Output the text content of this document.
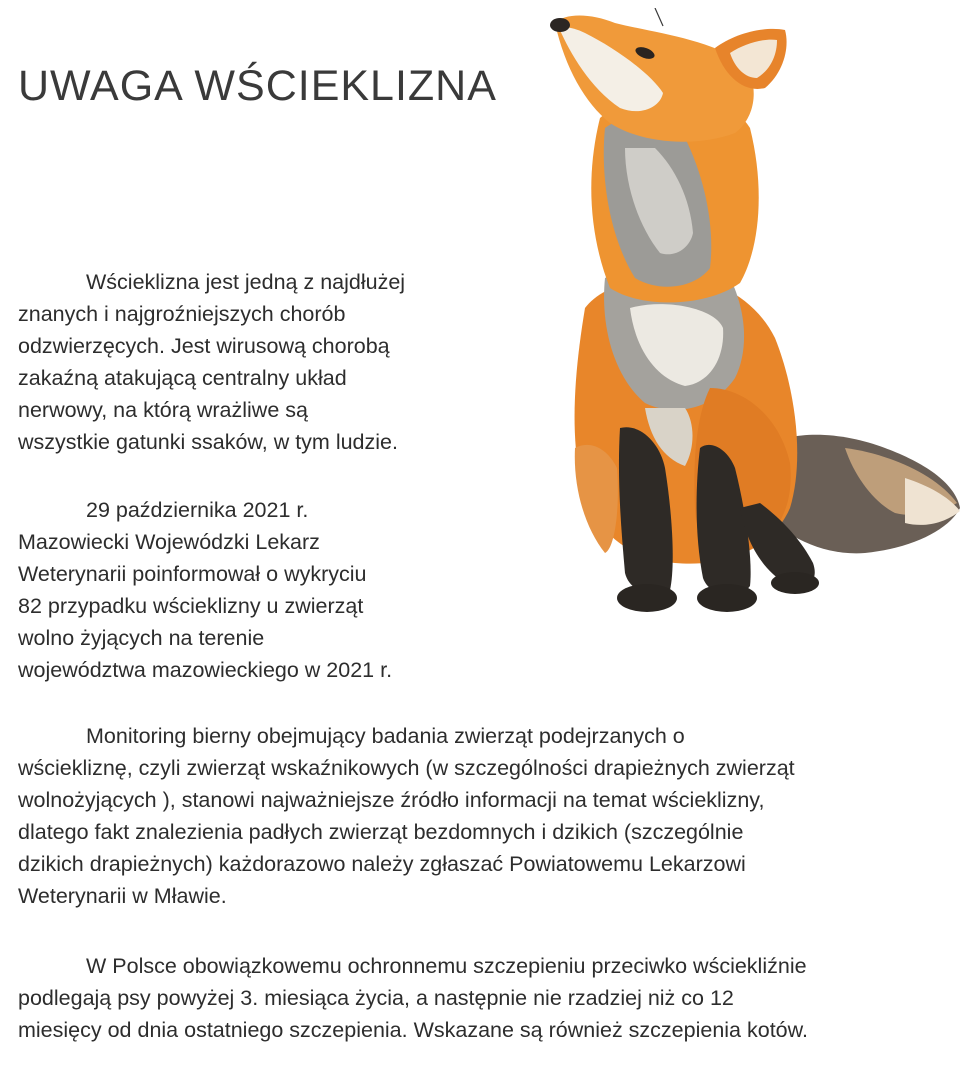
UWAGA WŚCIEKLIZNA

Wścieklizna jest jedną z najdłużej
znanych i najgroźniejszych chorób
odzwierzęcych. Jest wirusową chorobą
zakaźną atakującą centralny układ
nerwowy, na którą wrażliwe są
wszystkie gatunki ssaków, w tym ludzie.

29 października 2021 r.
Mazowiecki Wojewódzki Lekarz
Weterynarii poinformował o wykryciu
82 przypadku wścieklizny u zwierząt
wolno żyjących na terenie
województwa mazowieckiego w 2021 r.

Monitoring bierny obejmujący badania zwierząt podejrzanych o
wściekliznę, czyli zwierząt wskaźnikowych (w szczególności drapieżnych zwierząt
wolnożyjących ), stanowi najważniejsze źródło informacji na temat wścieklizny,
dlatego fakt znalezienia padłych zwierząt bezdomnych i dzikich (szczególnie
dzikich drapieżnych) każdorazowo należy zgłaszać Powiatowemu Lekarzowi
Weterynarii w Mławie.

W Polsce obowiązkowemu ochronnemu szczepieniu przeciwko wściekliźnie
podlegają psy powyżej 3. miesiąca życia, a następnie nie rzadziej niż co 12
miesięcy od dnia ostatniego szczepienia. Wskazane są również szczepienia kotów.
